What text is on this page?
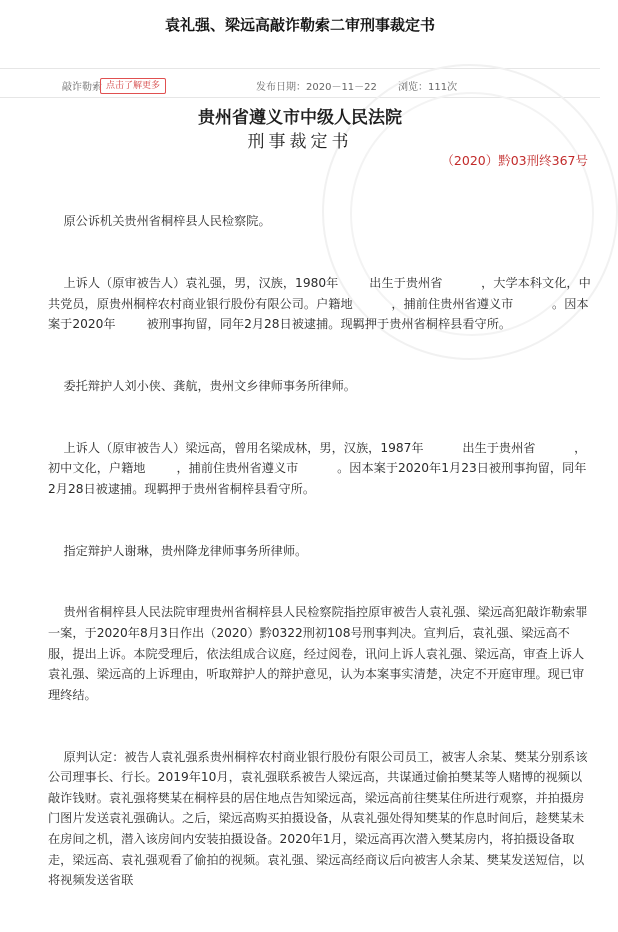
袁礼强、梁远高敲诈勒索二审刑事裁定书
敲诈勒索 点击了解更多	发布日期：2020－11－22 浏览：111次
贵州省遵义市中级人民法院
刑事裁定书
（2020）黔03刑终367号

原公诉机关贵州省桐梓县人民检察院。

上诉人（原审被告人）袁礼强，男，汉族，1980年        出生于贵州省          ，大学本科文化，中共党员，原贵州桐梓农村商业银行股份有限公司。户籍地          ，捕前住贵州省遵义市          。因本案于2020年        被刑事拘留，同年2月28日被逮捕。现羁押于贵州省桐梓县看守所。

委托辩护人刘小侠、龚航，贵州文乡律师事务所律师。

上诉人（原审被告人）梁远高，曾用名梁成林，男，汉族，1987年          出生于贵州省          ，初中文化，户籍地        ，捕前住贵州省遵义市          。因本案于2020年1月23日被刑事拘留，同年2月28日被逮捕。现羁押于贵州省桐梓县看守所。

指定辩护人谢琳，贵州降龙律师事务所律师。

贵州省桐梓县人民法院审理贵州省桐梓县人民检察院指控原审被告人袁礼强、梁远高犯敲诈勒索罪一案，于2020年8月3日作出（2020）黔0322刑初108号刑事判决。宣判后，袁礼强、梁远高不服，提出上诉。本院受理后，依法组成合议庭，经过阅卷，讯问上诉人袁礼强、梁远高，审查上诉人袁礼强、梁远高的上诉理由，听取辩护人的辩护意见，认为本案事实清楚，决定不开庭审理。现已审理终结。

原判认定：被告人袁礼强系贵州桐梓农村商业银行股份有限公司员工，被害人余某、樊某分别系该公司理事长、行长。2019年10月，袁礼强联系被告人梁远高，共谋通过偷拍樊某等人赌博的视频以敲诈钱财。袁礼强将樊某在桐梓县的居住地点告知梁远高，梁远高前往樊某住所进行观察，并拍摄房门图片发送袁礼强确认。之后，梁远高购买拍摄设备，从袁礼强处得知樊某的作息时间后，趁樊某未在房间之机，潜入该房间内安装拍摄设备。2020年1月，梁远高再次潜入樊某房内，将拍摄设备取走，梁远高、袁礼强观看了偷拍的视频。袁礼强、梁远高经商议后向被害人余某、樊某发送短信，以将视频发送省联
